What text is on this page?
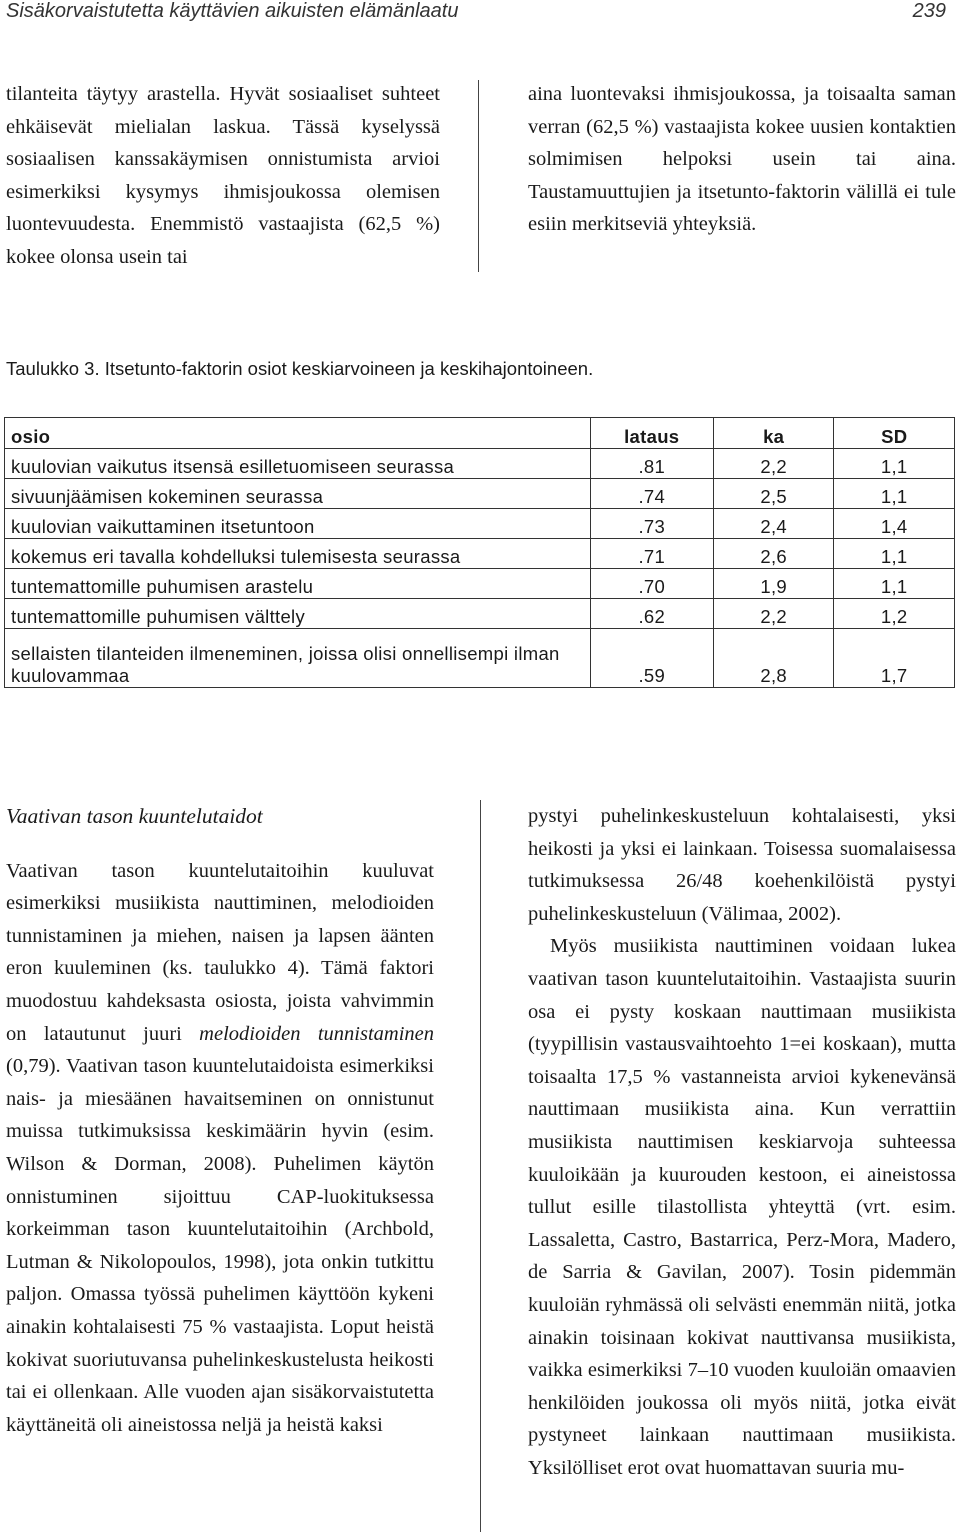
Sisäkorvaistutetta käyttävien aikuisten elämänlaatu	239

tilanteita täytyy arastella. Hyvät sosiaaliset suhteet ehkäisevät mielialan laskua. Tässä kyselyssä sosiaalisen kanssakäymisen onnistumista arvioi esimerkiksi kysymys ihmisjoukossa olemisen luontevuudesta. Enemmistö vastaajista (62,5 %) kokee olonsa usein tai

aina luontevaksi ihmisjoukossa, ja toisaalta saman verran (62,5 %) vastaajista kokee uusien kontaktien solmimisen helpoksi usein tai aina. Taustamuuttujien ja itsetunto-faktorin välillä ei tule esiin merkitseviä yhteyksiä.

Taulukko 3. Itsetunto-faktorin osiot keskiarvoineen ja keskihajontoineen.
osio	lataus	ka	SD
kuulovian vaikutus itsensä esilletuomiseen seurassa	.81	2,2	1,1
sivuunjäämisen kokeminen seurassa	.74	2,5	1,1
kuulovian vaikuttaminen itsetuntoon	.73	2,4	1,4
kokemus eri tavalla kohdelluksi tulemisesta seurassa	.71	2,6	1,1
tuntemattomille puhumisen arastelu	.70	1,9	1,1
tuntemattomille puhumisen välttely	.62	2,2	1,2
sellaisten tilanteiden ilmeneminen, joissa olisi onnellisempi ilman kuulovammaa	.59	2,8	1,7

Vaativan tason kuuntelutaidot

Vaativan tason kuuntelutaitoihin kuuluvat esimerkiksi musiikista nauttiminen, melodioiden tunnistaminen ja miehen, naisen ja lapsen äänten eron kuuleminen (ks. taulukko 4). Tämä faktori muodostuu kahdeksasta osiosta, joista vahvimmin on latautunut juuri melodioiden tunnistaminen (0,79). Vaativan tason kuuntelutaidoista esimerkiksi nais- ja miesäänen havaitseminen on onnistunut muissa tutkimuksissa keskimäärin hyvin (esim. Wilson & Dorman, 2008). Puhelimen käytön onnistuminen sijoittuu CAP-luokituksessa korkeimman tason kuuntelutaitoihin (Archbold, Lutman & Nikolopoulos, 1998), jota onkin tutkittu paljon. Omassa työssä puhelimen käyttöön kykeni ainakin kohtalaisesti 75 % vastaajista. Loput heistä kokivat suoriutuvansa puhelinkeskustelusta heikosti tai ei ollenkaan. Alle vuoden ajan sisäkorvaistutetta käyttäneitä oli aineistossa neljä ja heistä kaksi

pystyi puhelinkeskusteluun kohtalaisesti, yksi heikosti ja yksi ei lainkaan. Toisessa suomalaisessa tutkimuksessa 26/48 koehenkilöistä pystyi puhelinkeskusteluun (Välimaa, 2002).

Myös musiikista nauttiminen voidaan lukea vaativan tason kuuntelutaitoihin. Vastaajista suurin osa ei pysty koskaan nauttimaan musiikista (tyypillisin vastausvaihtoehto 1=ei koskaan), mutta toisaalta 17,5 % vastanneista arvioi kykenevänsä nauttimaan musiikista aina. Kun verrattiin musiikista nauttimisen keskiarvoja suhteessa kuuloikään ja kuurouden kestoon, ei aineistossa tullut esille tilastollista yhteyttä (vrt. esim. Lassaletta, Castro, Bastarrica, Perz-Mora, Madero, de Sarria & Gavilan, 2007). Tosin pidemmän kuuloiän ryhmässä oli selvästi enemmän niitä, jotka ainakin toisinaan kokivat nauttivansa musiikista, vaikka esimerkiksi 7–10 vuoden kuuloiän omaavien henkilöiden joukossa oli myös niitä, jotka eivät pystyneet lainkaan nauttimaan musiikista. Yksilölliset erot ovat huomattavan suuria mu-
